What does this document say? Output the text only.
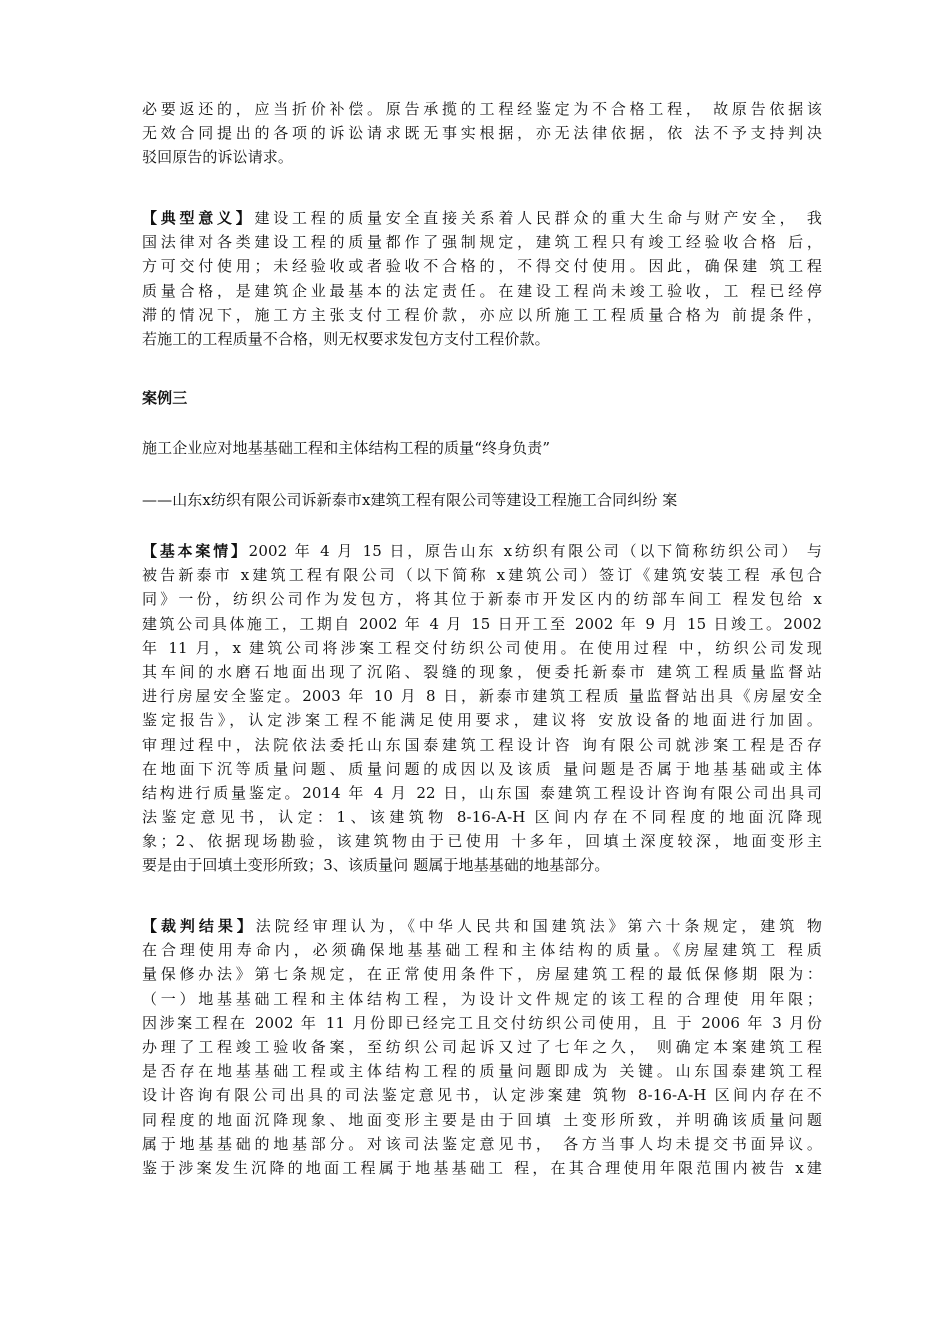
必要返还的，应当折价补偿。原告承揽的工程经鉴定为不合格工程， 故原告依据该
无效合同提出的各项的诉讼请求既无事实根据，亦无法律依据，依 法不予支持判决
驳回原告的诉讼请求。
【典型意义】建设工程的质量安全直接关系着人民群众的重大生命与财产安全， 我
国法律对各类建设工程的质量都作了强制规定，建筑工程只有竣工经验收合格 后，
方可交付使用；未经验收或者验收不合格的，不得交付使用。因此，确保建 筑工程
质量合格，是建筑企业最基本的法定责任。在建设工程尚未竣工验收，工 程已经停
滞的情况下，施工方主张支付工程价款，亦应以所施工工程质量合格为 前提条件，
若施工的工程质量不合格，则无权要求发包方支付工程价款。
案例三
施工企业应对地基基础工程和主体结构工程的质量“终身负责”
——山东x纺织有限公司诉新泰市x建筑工程有限公司等建设工程施工合同纠纷 案
【基本案情】2002 年 4 月 15 日，原告山东 x纺织有限公司（以下简称纺织公司） 与
被告新泰市 x建筑工程有限公司（以下简称 x建筑公司）签订《建筑安装工程 承包合
同》一份，纺织公司作为发包方，将其位于新泰市开发区内的纺部车间工 程发包给 x
建筑公司具体施工，工期自 2002 年 4 月 15 日开工至 2002 年 9 月 15 日竣工。2002
年 11 月，x 建筑公司将涉案工程交付纺织公司使用。在使用过程 中，纺织公司发现
其车间的水磨石地面出现了沉陷、裂缝的现象，便委托新泰市 建筑工程质量监督站
进行房屋安全鉴定。2003 年 10 月 8 日，新泰市建筑工程质 量监督站出具《房屋安全
鉴定报告》，认定涉案工程不能满足使用要求，建议将 安放设备的地面进行加固。
审理过程中，法院依法委托山东国泰建筑工程设计咨 询有限公司就涉案工程是否存
在地面下沉等质量问题、质量问题的成因以及该质 量问题是否属于地基基础或主体
结构进行质量鉴定。2014 年 4 月 22 日，山东国 泰建筑工程设计咨询有限公司出具司
法鉴定意见书，认定：1、该建筑物 8-16-A-H 区间内存在不同程度的地面沉降现
象；2、依据现场勘验，该建筑物由于已使用 十多年，回填土深度较深，地面变形主
要是由于回填土变形所致；3、该质量问 题属于地基基础的地基部分。
【裁判结果】法院经审理认为，《中华人民共和国建筑法》第六十条规定，建筑 物
在合理使用寿命内，必须确保地基基础工程和主体结构的质量。《房屋建筑工 程质
量保修办法》第七条规定，在正常使用条件下，房屋建筑工程的最低保修期 限为：
（一）地基基础工程和主体结构工程，为设计文件规定的该工程的合理使 用年限；
因涉案工程在 2002 年 11 月份即已经完工且交付纺织公司使用，且 于 2006 年 3 月份
办理了工程竣工验收备案，至纺织公司起诉又过了七年之久， 则确定本案建筑工程
是否存在地基基础工程或主体结构工程的质量问题即成为 关键。山东国泰建筑工程
设计咨询有限公司出具的司法鉴定意见书，认定涉案建 筑物 8-16-A-H 区间内存在不
同程度的地面沉降现象、地面变形主要是由于回填 土变形所致，并明确该质量问题
属于地基基础的地基部分。对该司法鉴定意见书， 各方当事人均未提交书面异议。
鉴于涉案发生沉降的地面工程属于地基基础工 程，在其合理使用年限范围内被告 x建
